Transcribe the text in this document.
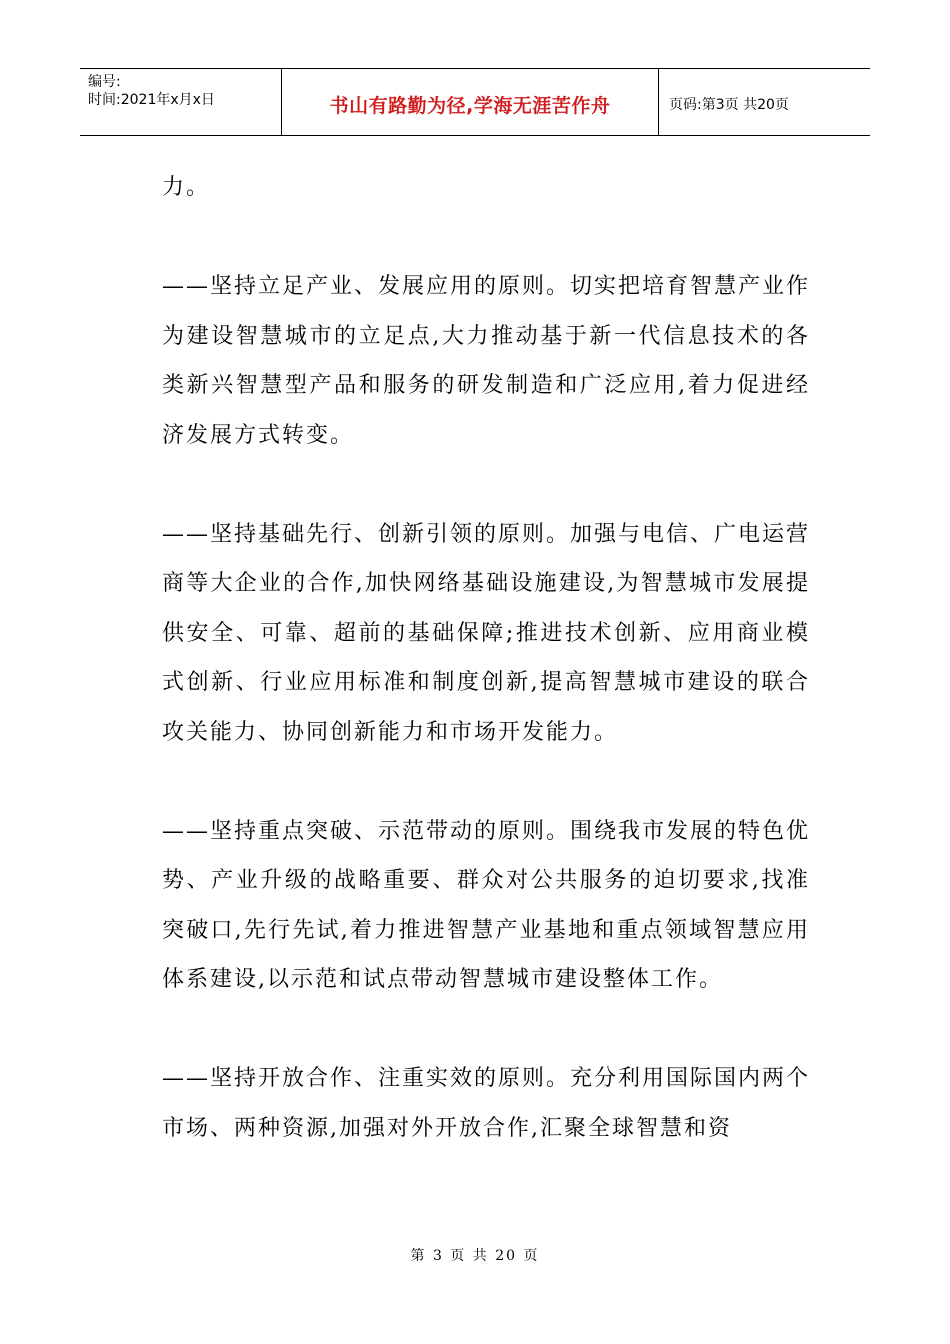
编号:
时间:2021年x月x日	书山有路勤为径,学海无涯苦作舟	页码:第3页 共20页

力。

——坚持立足产业、发展应用的原则。切实把培育智慧产业作为建设智慧城市的立足点,大力推动基于新一代信息技术的各类新兴智慧型产品和服务的研发制造和广泛应用,着力促进经济发展方式转变。

——坚持基础先行、创新引领的原则。加强与电信、广电运营商等大企业的合作,加快网络基础设施建设,为智慧城市发展提供安全、可靠、超前的基础保障;推进技术创新、应用商业模式创新、行业应用标准和制度创新,提高智慧城市建设的联合攻关能力、协同创新能力和市场开发能力。

——坚持重点突破、示范带动的原则。围绕我市发展的特色优势、产业升级的战略重要、群众对公共服务的迫切要求,找准突破口,先行先试,着力推进智慧产业基地和重点领域智慧应用体系建设,以示范和试点带动智慧城市建设整体工作。

——坚持开放合作、注重实效的原则。充分利用国际国内两个市场、两种资源,加强对外开放合作,汇聚全球智慧和资

第 3 页 共 20 页
